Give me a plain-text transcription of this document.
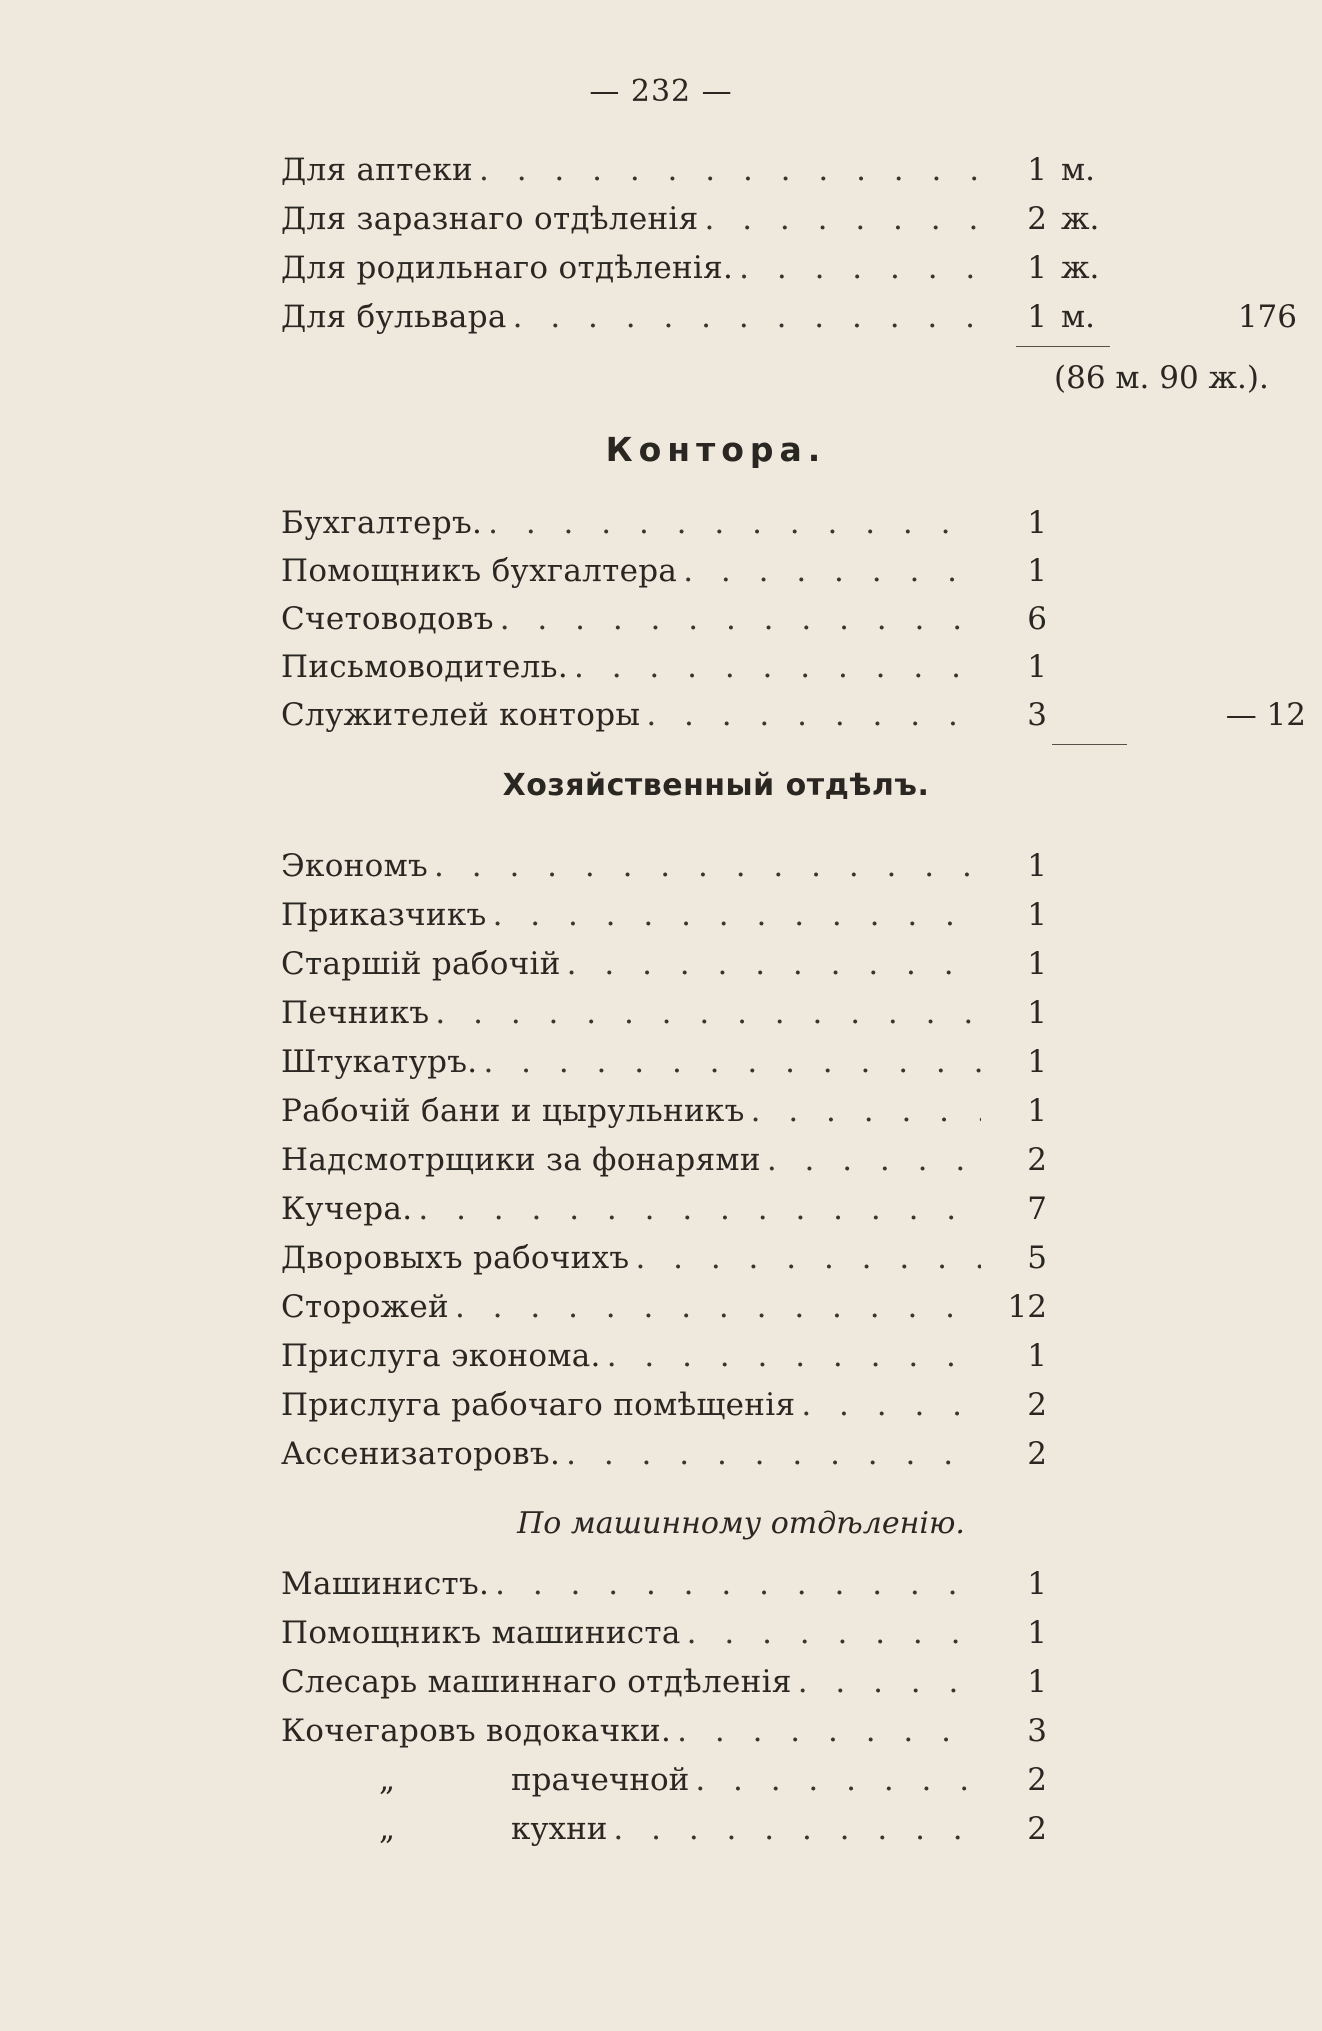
— 232 —
Для аптеки . . .	1 м.
Для заразнаго отдѣленія . . .	2 ж.
Для родильнаго отдѣленія. . . .	1 ж.
Для бульвара . . .	1 м.	176
(86 м. 90 ж.).
Контора.
Бухгалтеръ. . . .	1
Помощникъ бухгалтера . . .	1
Счетоводовъ . . .	6
Письмоводитель. . . .	1
Служителей конторы . . .	3	— 12
Хозяйственный отдѣлъ.
Экономъ . . .	1
Приказчикъ . . .	1
Старшій рабочій . . .	1
Печникъ . . .	1
Штукатуръ. . . .	1
Рабочій бани и цырульникъ . . .	1
Надсмотрщики за фонарями . . .	2
Кучера. . . .	7
Дворовыхъ рабочихъ . . .	5
Сторожей . . .	12
Прислуга эконома. . . .	1
Прислуга рабочаго помѣщенія . . .	2
Ассенизаторовъ. . . .	2
По машинному отдѣленію.
Машинистъ. . . .	1
Помощникъ машиниста . . .	1
Слесарь машиннаго отдѣленія . . .	1
Кочегаровъ водокачки. . . .	3
„	прачечной . . .	2
„	кухни . . .	2
